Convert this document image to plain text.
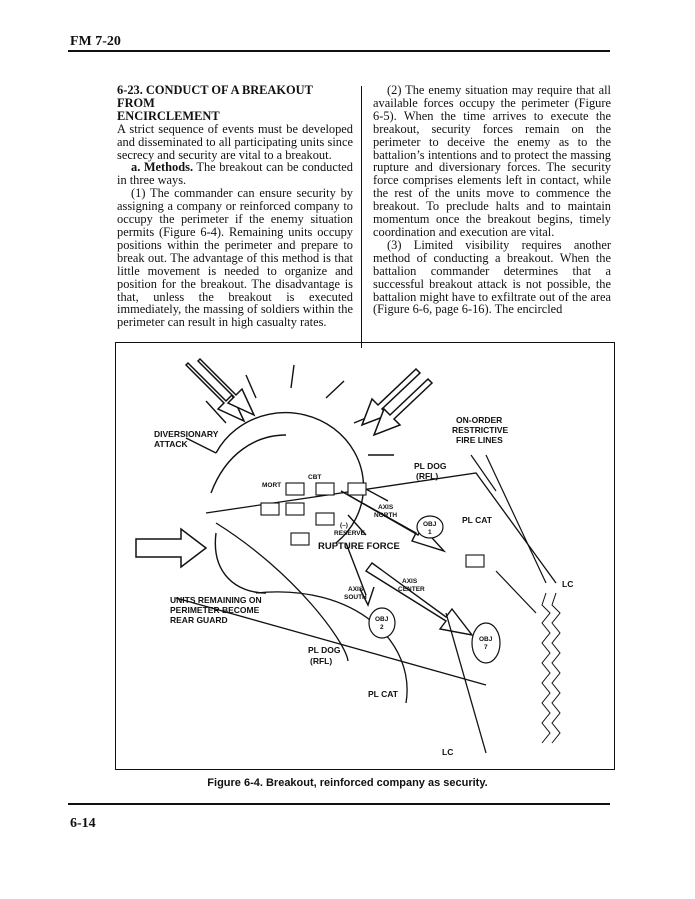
FM 7-20

6-23. CONDUCT OF A BREAKOUT FROM

ENCIRCLEMENT

A strict sequence of events must be developed and disseminated to all participating units since secrecy and security are vital to a breakout.

a. Methods. The breakout can be conducted in three ways.

(1) The commander can ensure security by assigning a company or reinforced company to occupy the perimeter if the enemy situation permits (Figure 6-4). Remaining units occupy positions within the perimeter and prepare to break out. The advantage of this method is that little movement is needed to organize and position for the breakout. The disadvantage is that, unless the breakout is executed immediately, the massing of soldiers within the perimeter can result in high casualty rates.

(2) The enemy situation may require that all available forces occupy the perimeter (Figure 6-5). When the time arrives to execute the breakout, security forces remain on the perimeter to deceive the enemy as to the battalion’s intentions and to protect the massing rupture and diversionary forces. The security force comprises elements left in contact, while the rest of the units move to commence the breakout. To preclude halts and to maintain momentum once the breakout begins, timely coordination and execution are vital.

(3) Limited visibility requires another method of conducting a breakout. When the battalion commander determines that a successful breakout attack is not possible, the battalion might have to exfiltrate out of the area (Figure 6-6, page 6-16). The encircled

DIVERSIONARY
ATTACK
ON-ORDER
RESTRICTIVE
FIRE LINES
PL DOG
(RFL)
PL CAT
LC
UNITS REMAINING ON
PERIMETER BECOME
REAR GUARD
PL DOG
(RFL)
PL CAT
LC
MORT
CBT
AXIS
NORTH
(–)
RESERVE
RUPTURE FORCE
AXIS
SOUTH
AXIS
CENTER
OBJ
1
OBJ
2
OBJ
7
Figure 6-4. Breakout, reinforced company as security.
6-14
